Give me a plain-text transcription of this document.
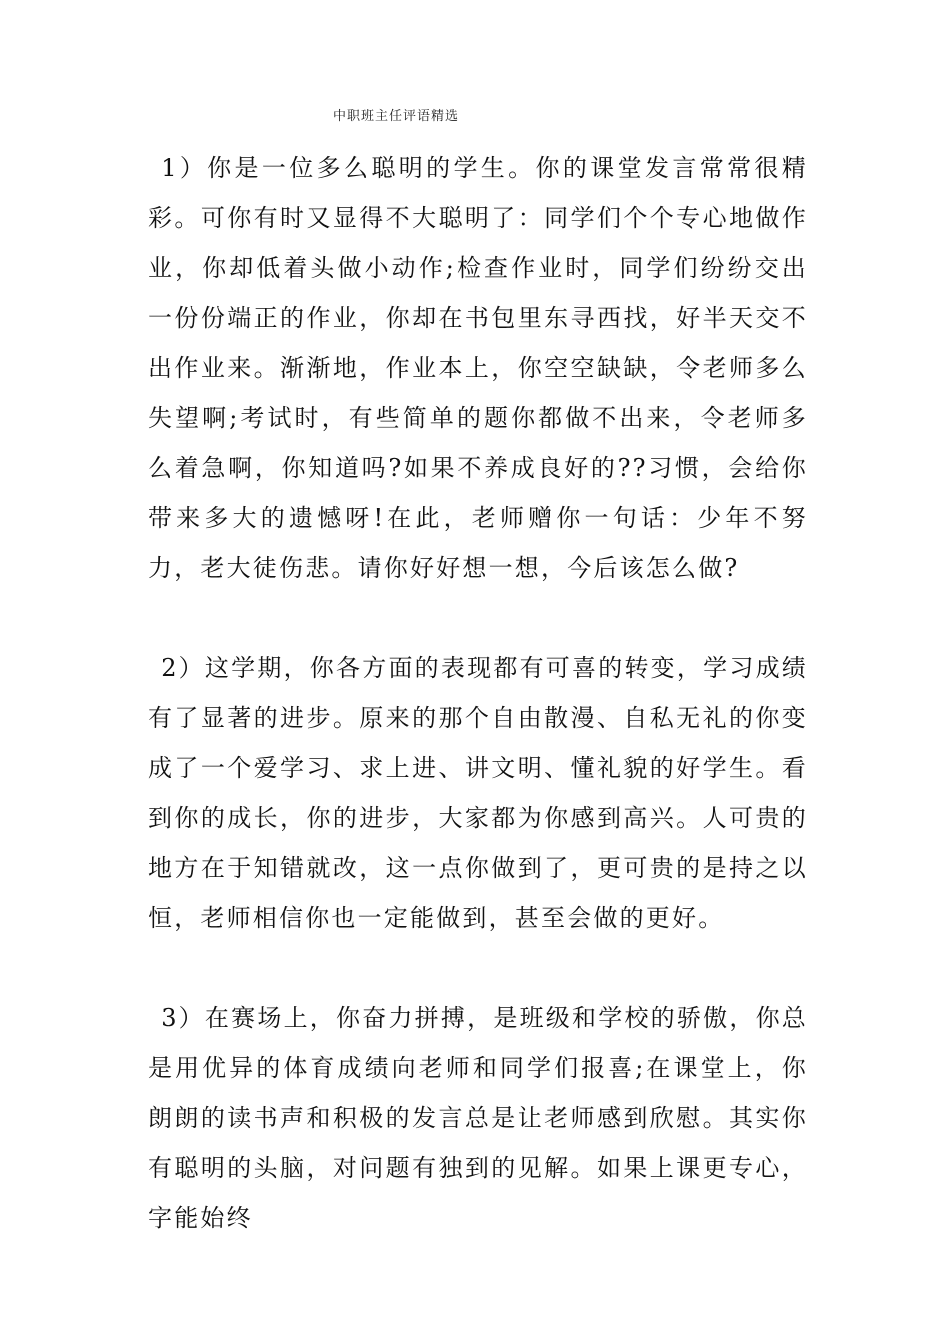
中职班主任评语精选

1）你是一位多么聪明的学生。你的课堂发言常常很精彩。可你有时又显得不大聪明了：同学们个个专心地做作业，你却低着头做小动作;检查作业时，同学们纷纷交出一份份端正的作业，你却在书包里东寻西找，好半天交不出作业来。渐渐地，作业本上，你空空缺缺，令老师多么失望啊;考试时，有些简单的题你都做不出来，令老师多么着急啊，你知道吗?如果不养成良好的??习惯，会给你带来多大的遗憾呀!在此，老师赠你一句话：少年不努力，老大徒伤悲。请你好好想一想，今后该怎么做?

2）这学期，你各方面的表现都有可喜的转变，学习成绩有了显著的进步。原来的那个自由散漫、自私无礼的你变成了一个爱学习、求上进、讲文明、懂礼貌的好学生。看到你的成长，你的进步，大家都为你感到高兴。人可贵的地方在于知错就改，这一点你做到了，更可贵的是持之以恒，老师相信你也一定能做到，甚至会做的更好。

3）在赛场上，你奋力拼搏，是班级和学校的骄傲，你总是用优异的体育成绩向老师和同学们报喜;在课堂上，你朗朗的读书声和积极的发言总是让老师感到欣慰。其实你有聪明的头脑，对问题有独到的见解。如果上课更专心，字能始终
